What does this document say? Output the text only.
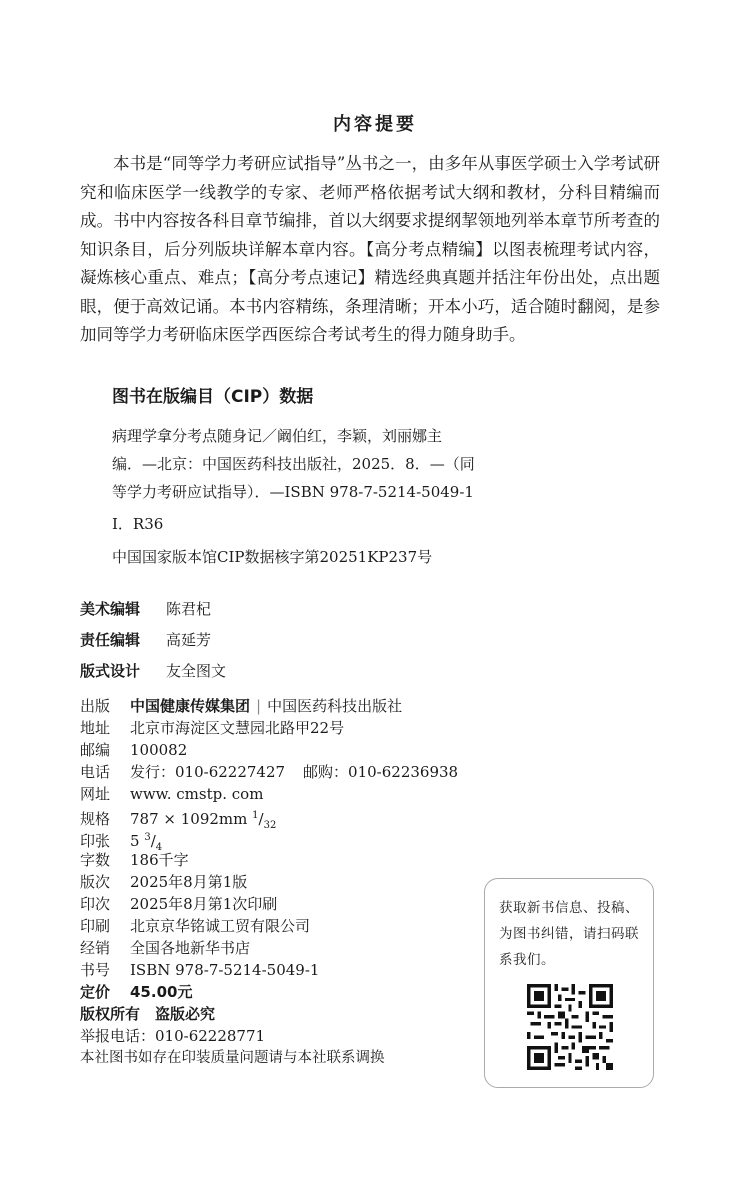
内容提要
本书是“同等学力考研应试指导”丛书之一，由多年从事医学硕士入学考试研究和临床医学一线教学的专家、老师严格依据考试大纲和教材，分科目精编而成。书中内容按各科目章节编排，首以大纲要求提纲挈领地列举本章节所考查的知识条目，后分列版块详解本章内容。【高分考点精编】以图表梳理考试内容，凝炼核心重点、难点；【高分考点速记】精选经典真题并括注年份出处，点出题眼，便于高效记诵。本书内容精练，条理清晰；开本小巧，适合随时翻阅，是参加同等学力考研临床医学西医综合考试考生的得力随身助手。
图书在版编目（CIP）数据
病理学拿分考点随身记／阚伯红，李颖，刘丽娜主
编．—北京：中国医药科技出版社，2025．8．—（同
等学力考研应试指导）．—ISBN 978-7-5214-5049-1
Ⅰ．R36
中国国家版本馆CIP数据核字第20251KP237号
美术编辑 陈君杞
责任编辑 高延芳
版式设计 友全图文
出版 中国健康传媒集团 | 中国医药科技出版社
地址 北京市海淀区文慧园北路甲22号
邮编 100082
电话 发行：010-62227427 邮购：010-62236938
网址 www. cmstp. com
规格 787 × 1092mm $^1/_{32}$
印张 5 $^3/_4$
字数 186千字
版次 2025年8月第1版
印次 2025年8月第1次印刷
印刷 北京京华铭诚工贸有限公司
经销 全国各地新华书店
书号 ISBN 978-7-5214-5049-1
定价 45.00元
版权所有　盗版必究
举报电话：010-62228771
本社图书如存在印装质量问题请与本社联系调换
获取新书信息、投稿、为图书纠错，请扫码联系我们。
